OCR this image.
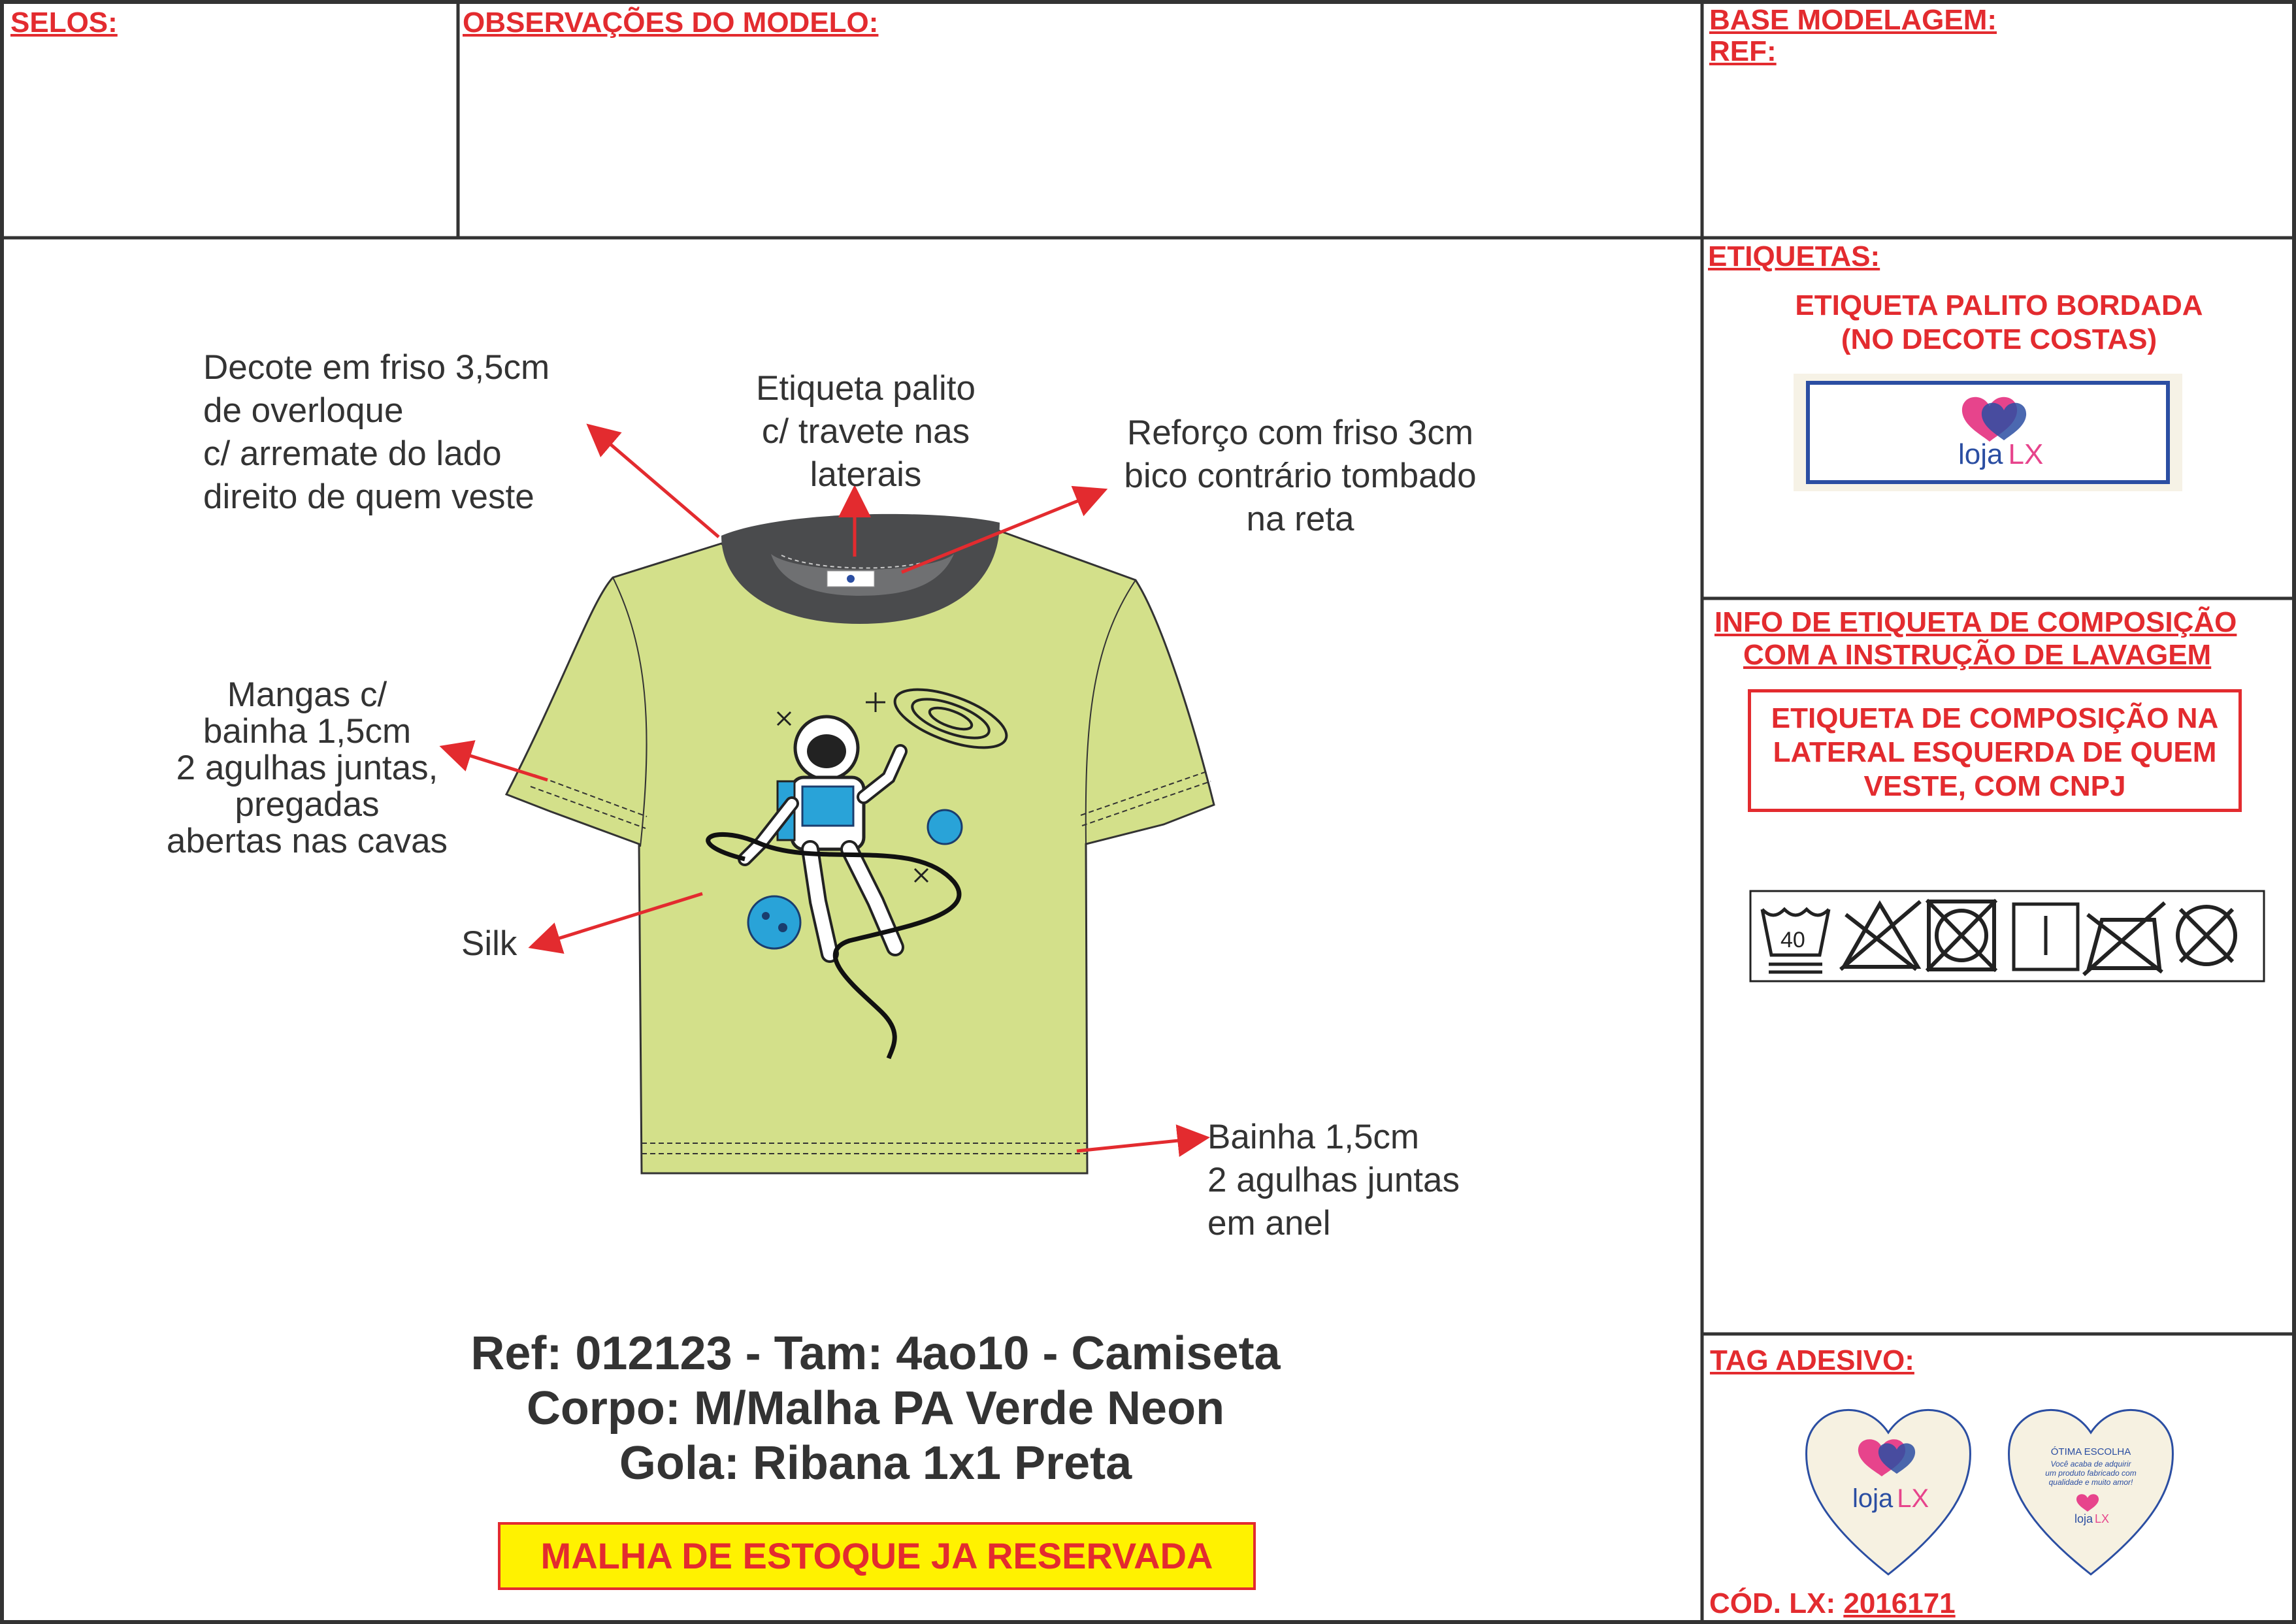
SELOS:	OBSERVAÇÕES DO MODELO:	BASE MODELAGEM:
REF:
ETIQUETAS:
ETIQUETA PALITO BORDADA
(NO DECOTE COSTAS)
loja LX
INFO DE ETIQUETA DE COMPOSIÇÃO
COM A INSTRUÇÃO DE LAVAGEM
ETIQUETA DE COMPOSIÇÃO NA
LATERAL ESQUERDA DE QUEM
VESTE, COM CNPJ
40
TAG ADESIVO:
loja LX
ÓTIMA ESCOLHA
Você acaba de adquirir
um produto fabricado com
qualidade e muito amor!
loja LX
CÓD. LX: 2016171
Decote em friso 3,5cm
de overloque
c/ arremate do lado
direito de quem veste
Etiqueta palito
c/ travete nas
laterais
Reforço com friso 3cm
bico contrário tombado
na reta
Mangas c/
bainha 1,5cm
2 agulhas juntas,
pregadas
abertas nas cavas
Silk
Bainha 1,5cm
2 agulhas juntas
em anel
Ref: 012123 - Tam: 4ao10 - Camiseta
Corpo: M/Malha PA Verde Neon
Gola: Ribana 1x1 Preta
MALHA DE ESTOQUE JA RESERVADA
